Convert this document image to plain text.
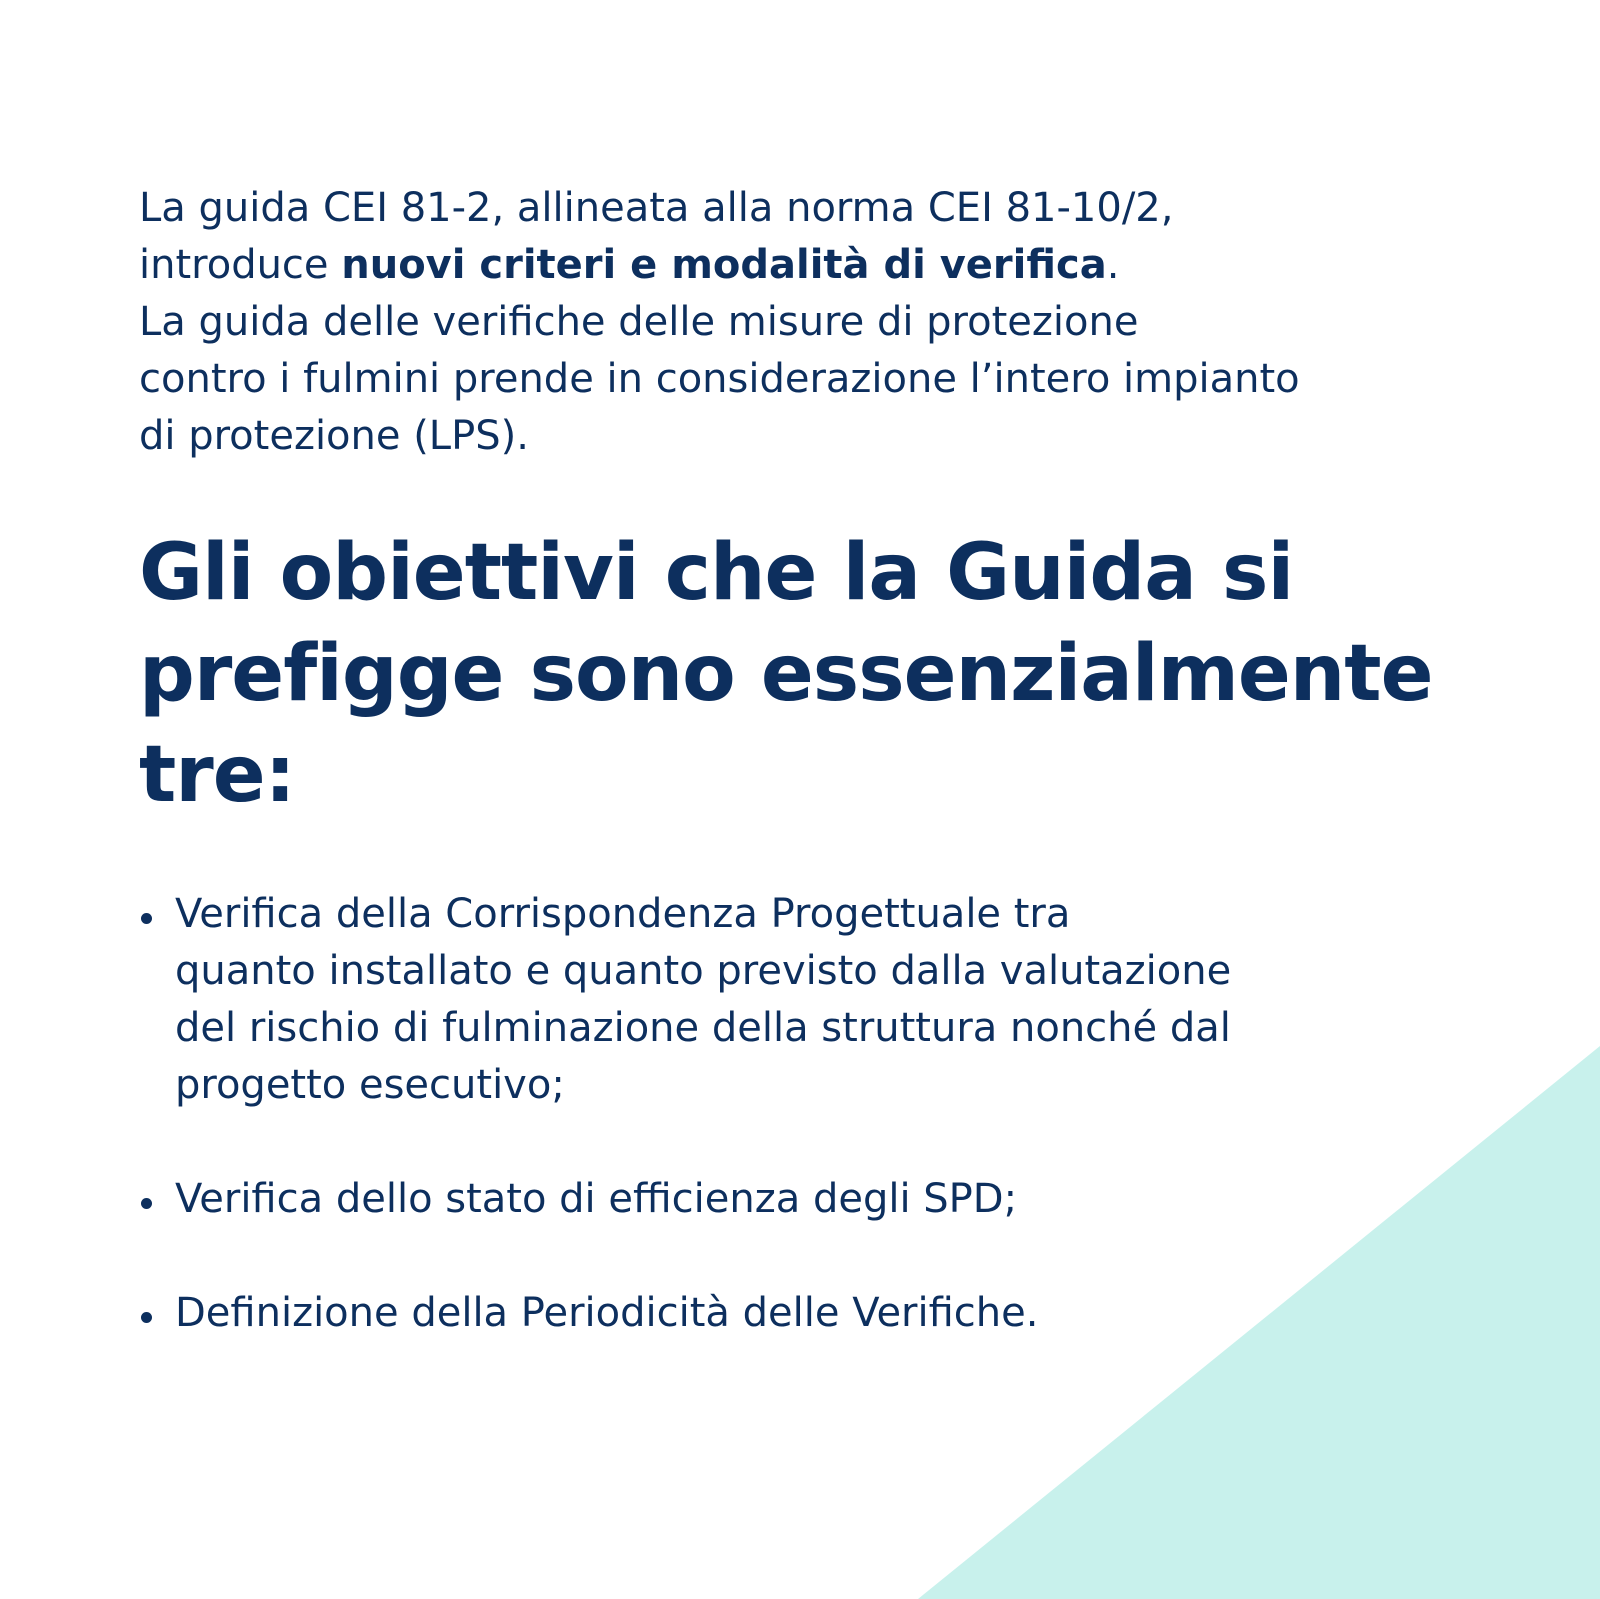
La guida CEI 81-2, allineata alla norma CEI 81-10/2,
introduce nuovi criteri e modalità di verifica.
La guida delle verifiche delle misure di protezione
contro i fulmini prende in considerazione l’intero impianto
di protezione (LPS).

Gli obiettivi che la Guida si
prefigge sono essenzialmente
tre:
Verifica della Corrispondenza Progettuale tra
quanto installato e quanto previsto dalla valutazione
del rischio di fulminazione della struttura nonché dal
progetto esecutivo;
Verifica dello stato di efficienza degli SPD;
Definizione della Periodicità delle Verifiche.
